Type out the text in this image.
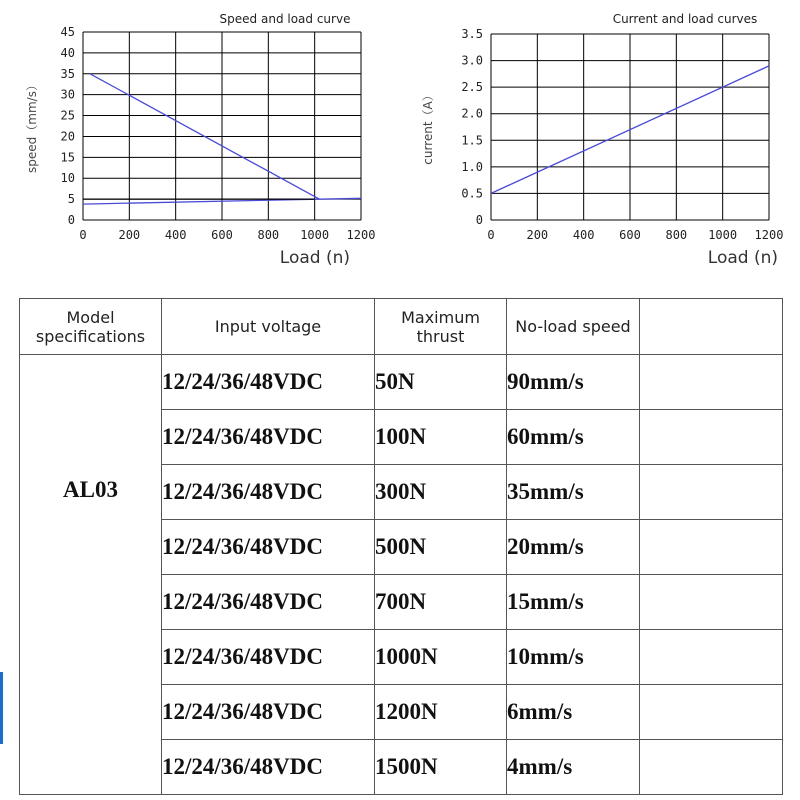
Speed and load curve
0	200 400 600 800 1000 1200
0
5
10
15
20
25
30
35
40
45
speed（mm/s）
Load (n)
Current and load curves
0	200 400 600 800 1000 1200
0
0.5
1.0
1.5
2.0
2.5
3.0
3.5
current（A）
Load (n)
Model specifications	Input voltage	Maximum thrust	No-load speed	
AL03	12/24/36/48VDC	50N	90mm/s	
	12/24/36/48VDC	100N	60mm/s	
	12/24/36/48VDC	300N	35mm/s	
	12/24/36/48VDC	500N	20mm/s	
	12/24/36/48VDC	700N	15mm/s	
	12/24/36/48VDC	1000N	10mm/s	
	12/24/36/48VDC	1200N	6mm/s	
	12/24/36/48VDC	1500N	4mm/s	
